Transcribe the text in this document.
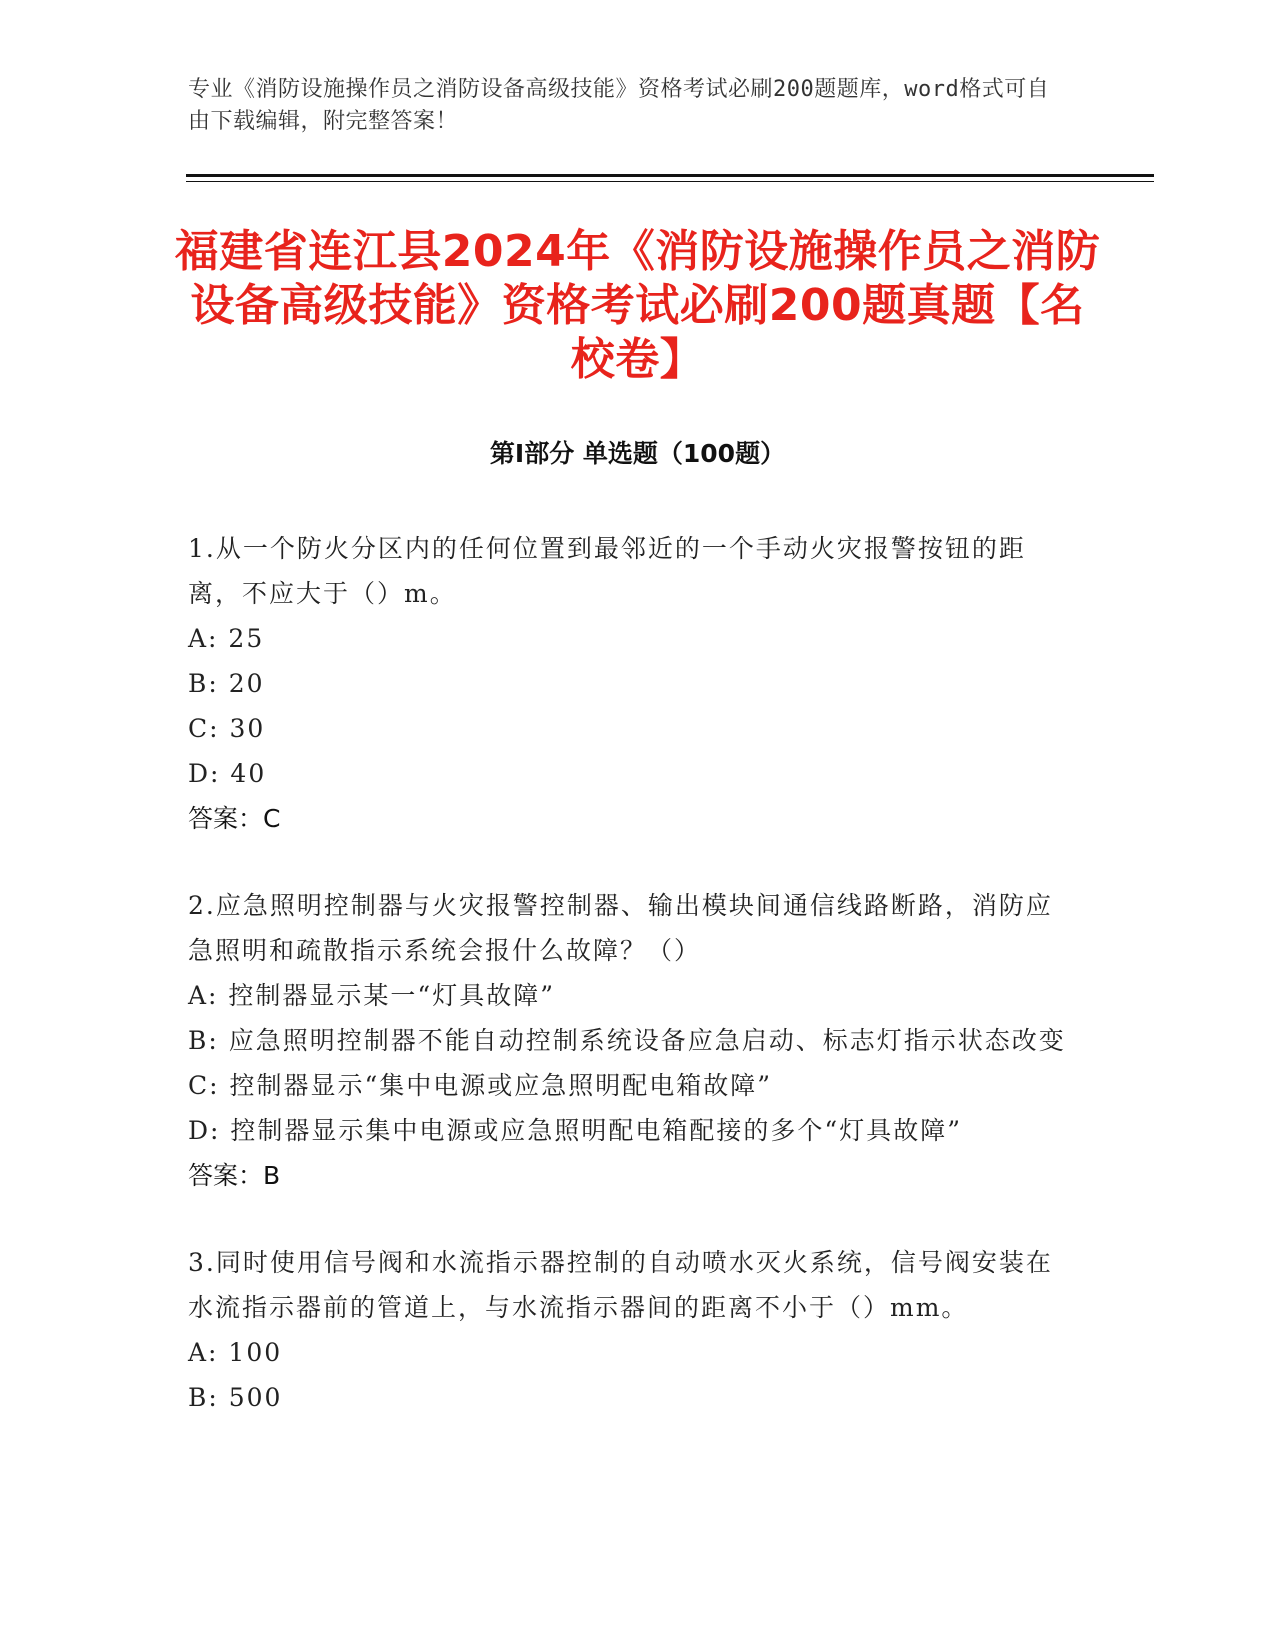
专业《消防设施操作员之消防设备高级技能》资格考试必刷200题题库，word格式可自由下载编辑，附完整答案！
福建省连江县2024年《消防设施操作员之消防设备高级技能》资格考试必刷200题真题【名校卷】
第I部分 单选题（100题）
1.从一个防火分区内的任何位置到最邻近的一个手动火灾报警按钮的距离，不应大于（）m。
A: 25
B: 20
C: 30
D: 40
答案：C
2.应急照明控制器与火灾报警控制器、输出模块间通信线路断路，消防应急照明和疏散指示系统会报什么故障？（）
A: 控制器显示某一“灯具故障”
B: 应急照明控制器不能自动控制系统设备应急启动、标志灯指示状态改变
C: 控制器显示“集中电源或应急照明配电箱故障”
D: 控制器显示集中电源或应急照明配电箱配接的多个“灯具故障”
答案：B
3.同时使用信号阀和水流指示器控制的自动喷水灭火系统，信号阀安装在水流指示器前的管道上，与水流指示器间的距离不小于（）mm。
A: 100
B: 500
